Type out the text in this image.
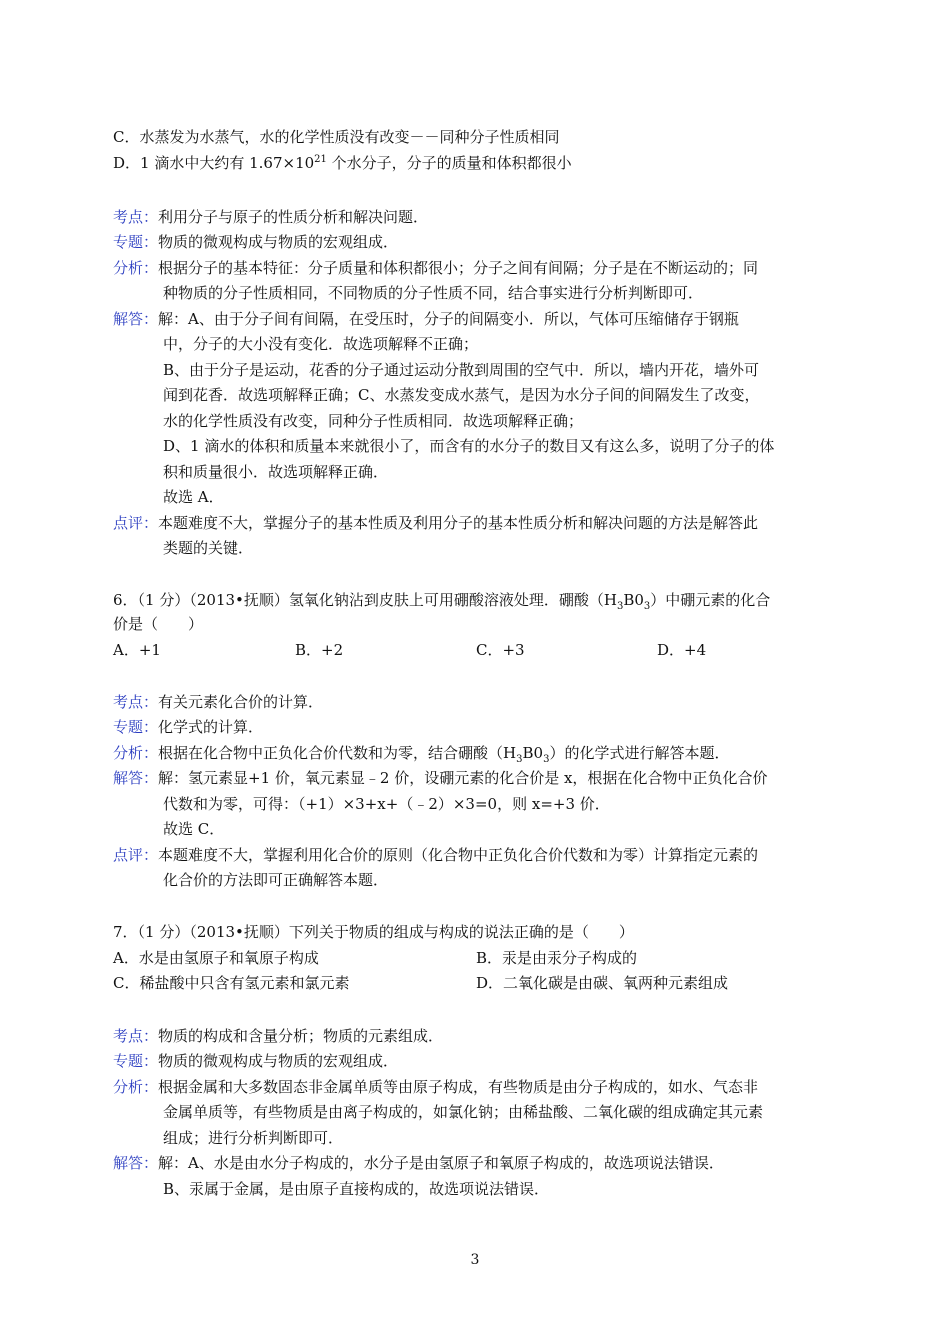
C．水蒸发为水蒸气，水的化学性质没有改变－－同种分子性质相同
D．1 滴水中大约有 $1.67\times 10^{21}$ 个水分子，分子的质量和体积都很小
考点：利用分子与原子的性质分析和解决问题．
专题：物质的微观构成与物质的宏观组成．
分析：根据分子的基本特征：分子质量和体积都很小；分子之间有间隔；分子是在不断运动的；同
种物质的分子性质相同，不同物质的分子性质不同，结合事实进行分析判断即可．
解答：解：A、由于分子间有间隔，在受压时，分子的间隔变小．所以，气体可压缩储存于钢瓶
中，分子的大小没有变化．故选项解释不正确；
B、由于分子是运动，花香的分子通过运动分散到周围的空气中．所以，墙内开花，墙外可
闻到花香．故选项解释正确；C、水蒸发变成水蒸气，是因为水分子间的间隔发生了改变，
水的化学性质没有改变，同种分子性质相同．故选项解释正确；
D、1 滴水的体积和质量本来就很小了，而含有的水分子的数目又有这么多，说明了分子的体
积和质量很小．故选项解释正确．
故选 A．
点评：本题难度不大，掌握分子的基本性质及利用分子的基本性质分析和解决问题的方法是解答此
类题的关键．
6．（1 分）（2013•抚顺）氢氧化钠沾到皮肤上可用硼酸溶液处理．硼酸$(H_3B0_3)$中硼元素的化合
价是（　　）
A．+1	B．+2	C．+3	D．+4
考点：有关元素化合价的计算．
专题：化学式的计算．
分析：根据在化合物中正负化合价代数和为零，结合硼酸$(H_3B0_3)$的化学式进行解答本题．
解答：解：氢元素显+1 价，氧元素显﹣2 价，设硼元素的化合价是 x，根据在化合物中正负化合价
代数和为零，可得：（+1）×3+x+（﹣2）×3=0，则 x=+3 价．
故选 C．
点评：本题难度不大，掌握利用化合价的原则（化合物中正负化合价代数和为零）计算指定元素的
化合价的方法即可正确解答本题．
7．（1 分）（2013•抚顺）下列关于物质的组成与构成的说法正确的是（　　）
A．水是由氢原子和氧原子构成	B．汞是由汞分子构成的
C．稀盐酸中只含有氢元素和氯元素	D．二氧化碳是由碳、氧两种元素组成
考点：物质的构成和含量分析；物质的元素组成．
专题：物质的微观构成与物质的宏观组成．
分析：根据金属和大多数固态非金属单质等由原子构成，有些物质是由分子构成的，如水、气态非
金属单质等，有些物质是由离子构成的，如氯化钠；由稀盐酸、二氧化碳的组成确定其元素
组成；进行分析判断即可．
解答：解：A、水是由水分子构成的，水分子是由氢原子和氧原子构成的，故选项说法错误．
B、汞属于金属，是由原子直接构成的，故选项说法错误．
3
